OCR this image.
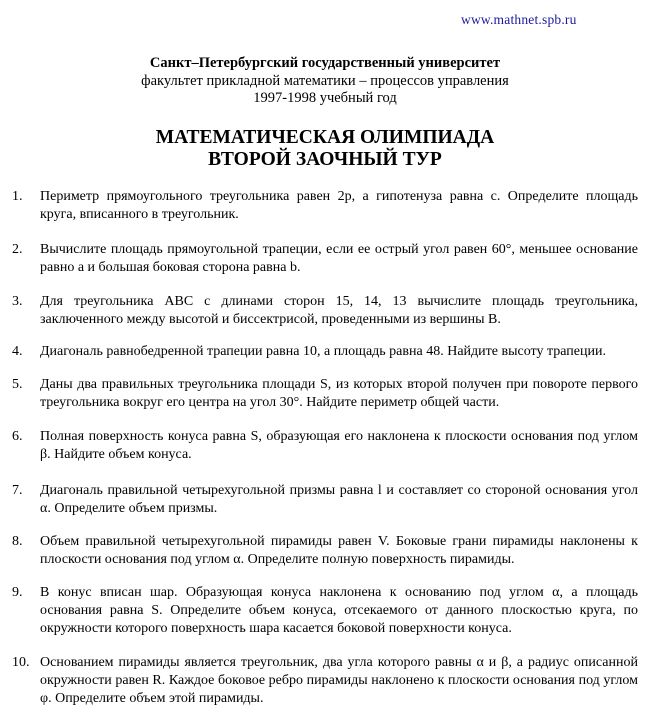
www.mathnet.spb.ru
Санкт–Петербургский государственный университет
факультет прикладной математики – процессов управления
1997-1998 учебный год
МАТЕМАТИЧЕСКАЯ ОЛИМПИАДА
ВТОРОЙ ЗАОЧНЫЙ ТУР
1. Периметр прямоугольного треугольника равен 2p, а гипотенуза равна c. Определите площадь круга, вписанного в треугольник.
2. Вычислите площадь прямоугольной трапеции, если ее острый угол равен 60°, меньшее основание равно a и большая боковая сторона равна b.
3. Для треугольника ABC с длинами сторон 15, 14, 13 вычислите площадь треугольника, заключенного между высотой и биссектрисой, проведенными из вершины B.
4. Диагональ равнобедренной трапеции равна 10, а площадь равна 48. Найдите высоту трапеции.
5. Даны два правильных треугольника площади S, из которых второй получен при повороте первого треугольника вокруг его центра на угол 30°. Найдите периметр общей части.
6. Полная поверхность конуса равна S, образующая его наклонена к плоскости основания под углом β. Найдите объем конуса.
7. Диагональ правильной четырехугольной призмы равна l и составляет со стороной основания угол α. Определите объем призмы.
8. Объем правильной четырехугольной пирамиды равен V. Боковые грани пирамиды наклонены к плоскости основания под углом α. Определите полную поверхность пирамиды.
9. В конус вписан шар. Образующая конуса наклонена к основанию под углом α, а площадь основания равна S. Определите объем конуса, отсекаемого от данного плоскостью круга, по окружности которого поверхность шара касается боковой поверхности конуса.
10. Основанием пирамиды является треугольник, два угла которого равны α и β, а радиус описанной окружности равен R. Каждое боковое ребро пирамиды наклонено к плоскости основания под углом φ. Определите объем этой пирамиды.
